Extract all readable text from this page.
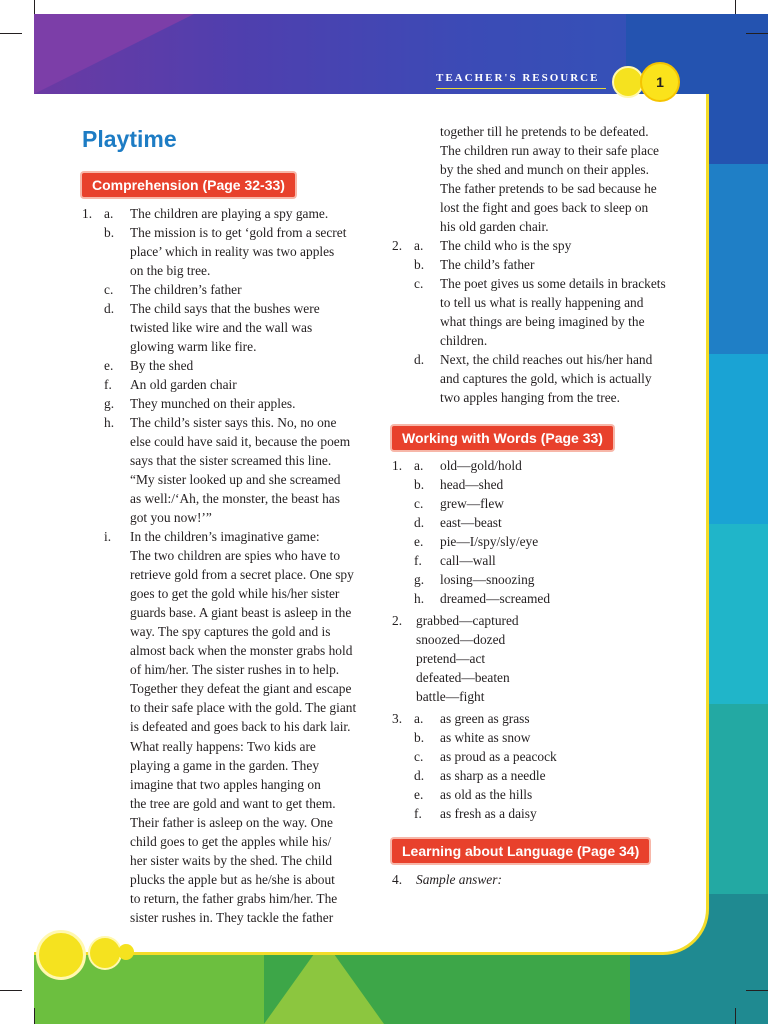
TEACHER'S RESOURCE	1
Playtime
Comprehension (Page 32-33)
Working with Words (Page 33)
Learning about Language (Page 34)
1. a.	The children are playing a spy game.
b.	The mission is to get ‘gold from a secret
place’ which in reality was two apples
on the big tree.
c.	The children’s father
d.	The child says that the bushes were
twisted like wire and the wall was
glowing warm like fire.
e.	By the shed
f.	An old garden chair
g.	They munched on their apples.
h.	The child’s sister says this. No, no one
else could have said it, because the poem
says that the sister screamed this line.
“My sister looked up and she screamed
as well:/‘Ah, the monster, the beast has
got you now!’”
i.	In the children’s imaginative game:
The two children are spies who have to
retrieve gold from a secret place. One spy
goes to get the gold while his/her sister
guards base. A giant beast is asleep in the
way. The spy captures the gold and is
almost back when the monster grabs hold
of him/her. The sister rushes in to help.
Together they defeat the giant and escape
to their safe place with the gold. The giant
is defeated and goes back to his dark lair.
What really happens: Two kids are
playing a game in the garden. They
imagine that two apples hanging on
the tree are gold and want to get them.
Their father is asleep on the way. One
child goes to get the apples while his/
her sister waits by the shed. The child
plucks the apple but as he/she is about
to return, the father grabs him/her. The
sister rushes in. They tackle the father
together till he pretends to be defeated.
The children run away to their safe place
by the shed and munch on their apples.
The father pretends to be sad because he
lost the fight and goes back to sleep on
his old garden chair.
2. a.	The child who is the spy
b.	The child’s father
c.	The poet gives us some details in brackets
to tell us what is really happening and
what things are being imagined by the
children.
d.	Next, the child reaches out his/her hand
and captures the gold, which is actually
two apples hanging from the tree.
1. a.	old—gold/hold
b.	head—shed
c.	grew—flew
d.	east—beast
e.	pie—I/spy/sly/eye
f.	call—wall
g.	losing—snoozing
h.	dreamed—screamed
2.	grabbed—captured
snoozed—dozed
pretend—act
defeated—beaten
battle—fight
3. a.	as green as grass
b.	as white as snow
c.	as proud as a peacock
d.	as sharp as a needle
e.	as old as the hills
f.	as fresh as a daisy
4.	Sample answer:
